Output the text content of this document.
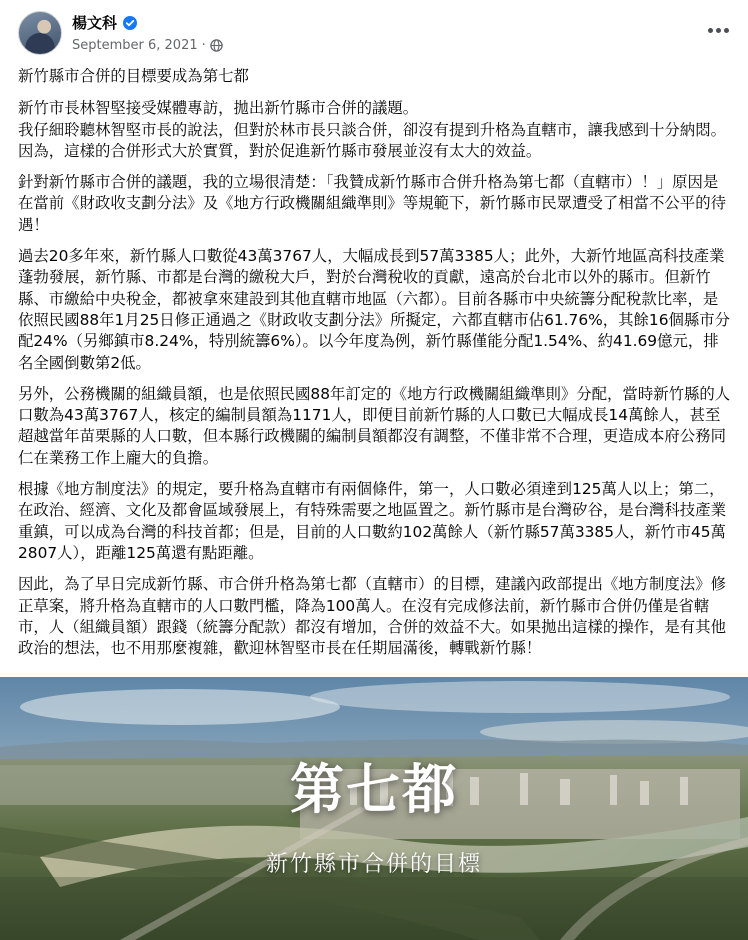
楊文科
September 6, 2021 ·

新竹縣市合併的目標要成為第七都

新竹市長林智堅接受媒體專訪，拋出新竹縣市合併的議題。
我仔細聆聽林智堅市長的說法，但對於林市長只談合併，卻沒有提到升格為直轄市，讓我感到十分納悶。因為，這樣的合併形式大於實質，對於促進新竹縣市發展並沒有太大的效益。

針對新竹縣市合併的議題，我的立場很清楚：「我贊成新竹縣市合併升格為第七都（直轄市）！」原因是在當前《財政收支劃分法》及《地方行政機關組織準則》等規範下，新竹縣市民眾遭受了相當不公平的待遇！

過去20多年來，新竹縣人口數從43萬3767人，大幅成長到57萬3385人；此外，大新竹地區高科技產業蓬勃發展，新竹縣、市都是台灣的繳稅大戶，對於台灣稅收的貢獻，遠高於台北市以外的縣市。但新竹縣、市繳給中央稅金，都被拿來建設到其他直轄市地區（六都）。目前各縣市中央統籌分配稅款比率，是依照民國88年1月25日修正通過之《財政收支劃分法》所擬定，六都直轄市佔61.76%，其餘16個縣市分配24%（另鄉鎮市8.24%，特別統籌6%）。以今年度為例，新竹縣僅能分配1.54%、約41.69億元，排名全國倒數第2低。

另外，公務機關的組織員額，也是依照民國88年訂定的《地方行政機關組織準則》分配，當時新竹縣的人口數為43萬3767人，核定的編制員額為1171人，即便目前新竹縣的人口數已大幅成長14萬餘人，甚至超越當年苗栗縣的人口數，但本縣行政機關的編制員額都沒有調整，不僅非常不合理，更造成本府公務同仁在業務工作上龐大的負擔。

根據《地方制度法》的規定，要升格為直轄市有兩個條件，第一，人口數必須達到125萬人以上；第二，在政治、經濟、文化及都會區域發展上，有特殊需要之地區置之。新竹縣市是台灣矽谷，是台灣科技產業重鎮，可以成為台灣的科技首都；但是，目前的人口數約102萬餘人（新竹縣57萬3385人，新竹市45萬2807人），距離125萬還有點距離。

因此，為了早日完成新竹縣、市合併升格為第七都（直轄市）的目標，建議內政部提出《地方制度法》修正草案，將升格為直轄市的人口數門檻，降為100萬人。在沒有完成修法前，新竹縣市合併仍僅是省轄市，人（組織員額）跟錢（統籌分配款）都沒有增加，合併的效益不大。如果拋出這樣的操作，是有其他政治的想法，也不用那麼複雜，歡迎林智堅市長在任期屆滿後，轉戰新竹縣！

第七都
新竹縣市合併的目標
